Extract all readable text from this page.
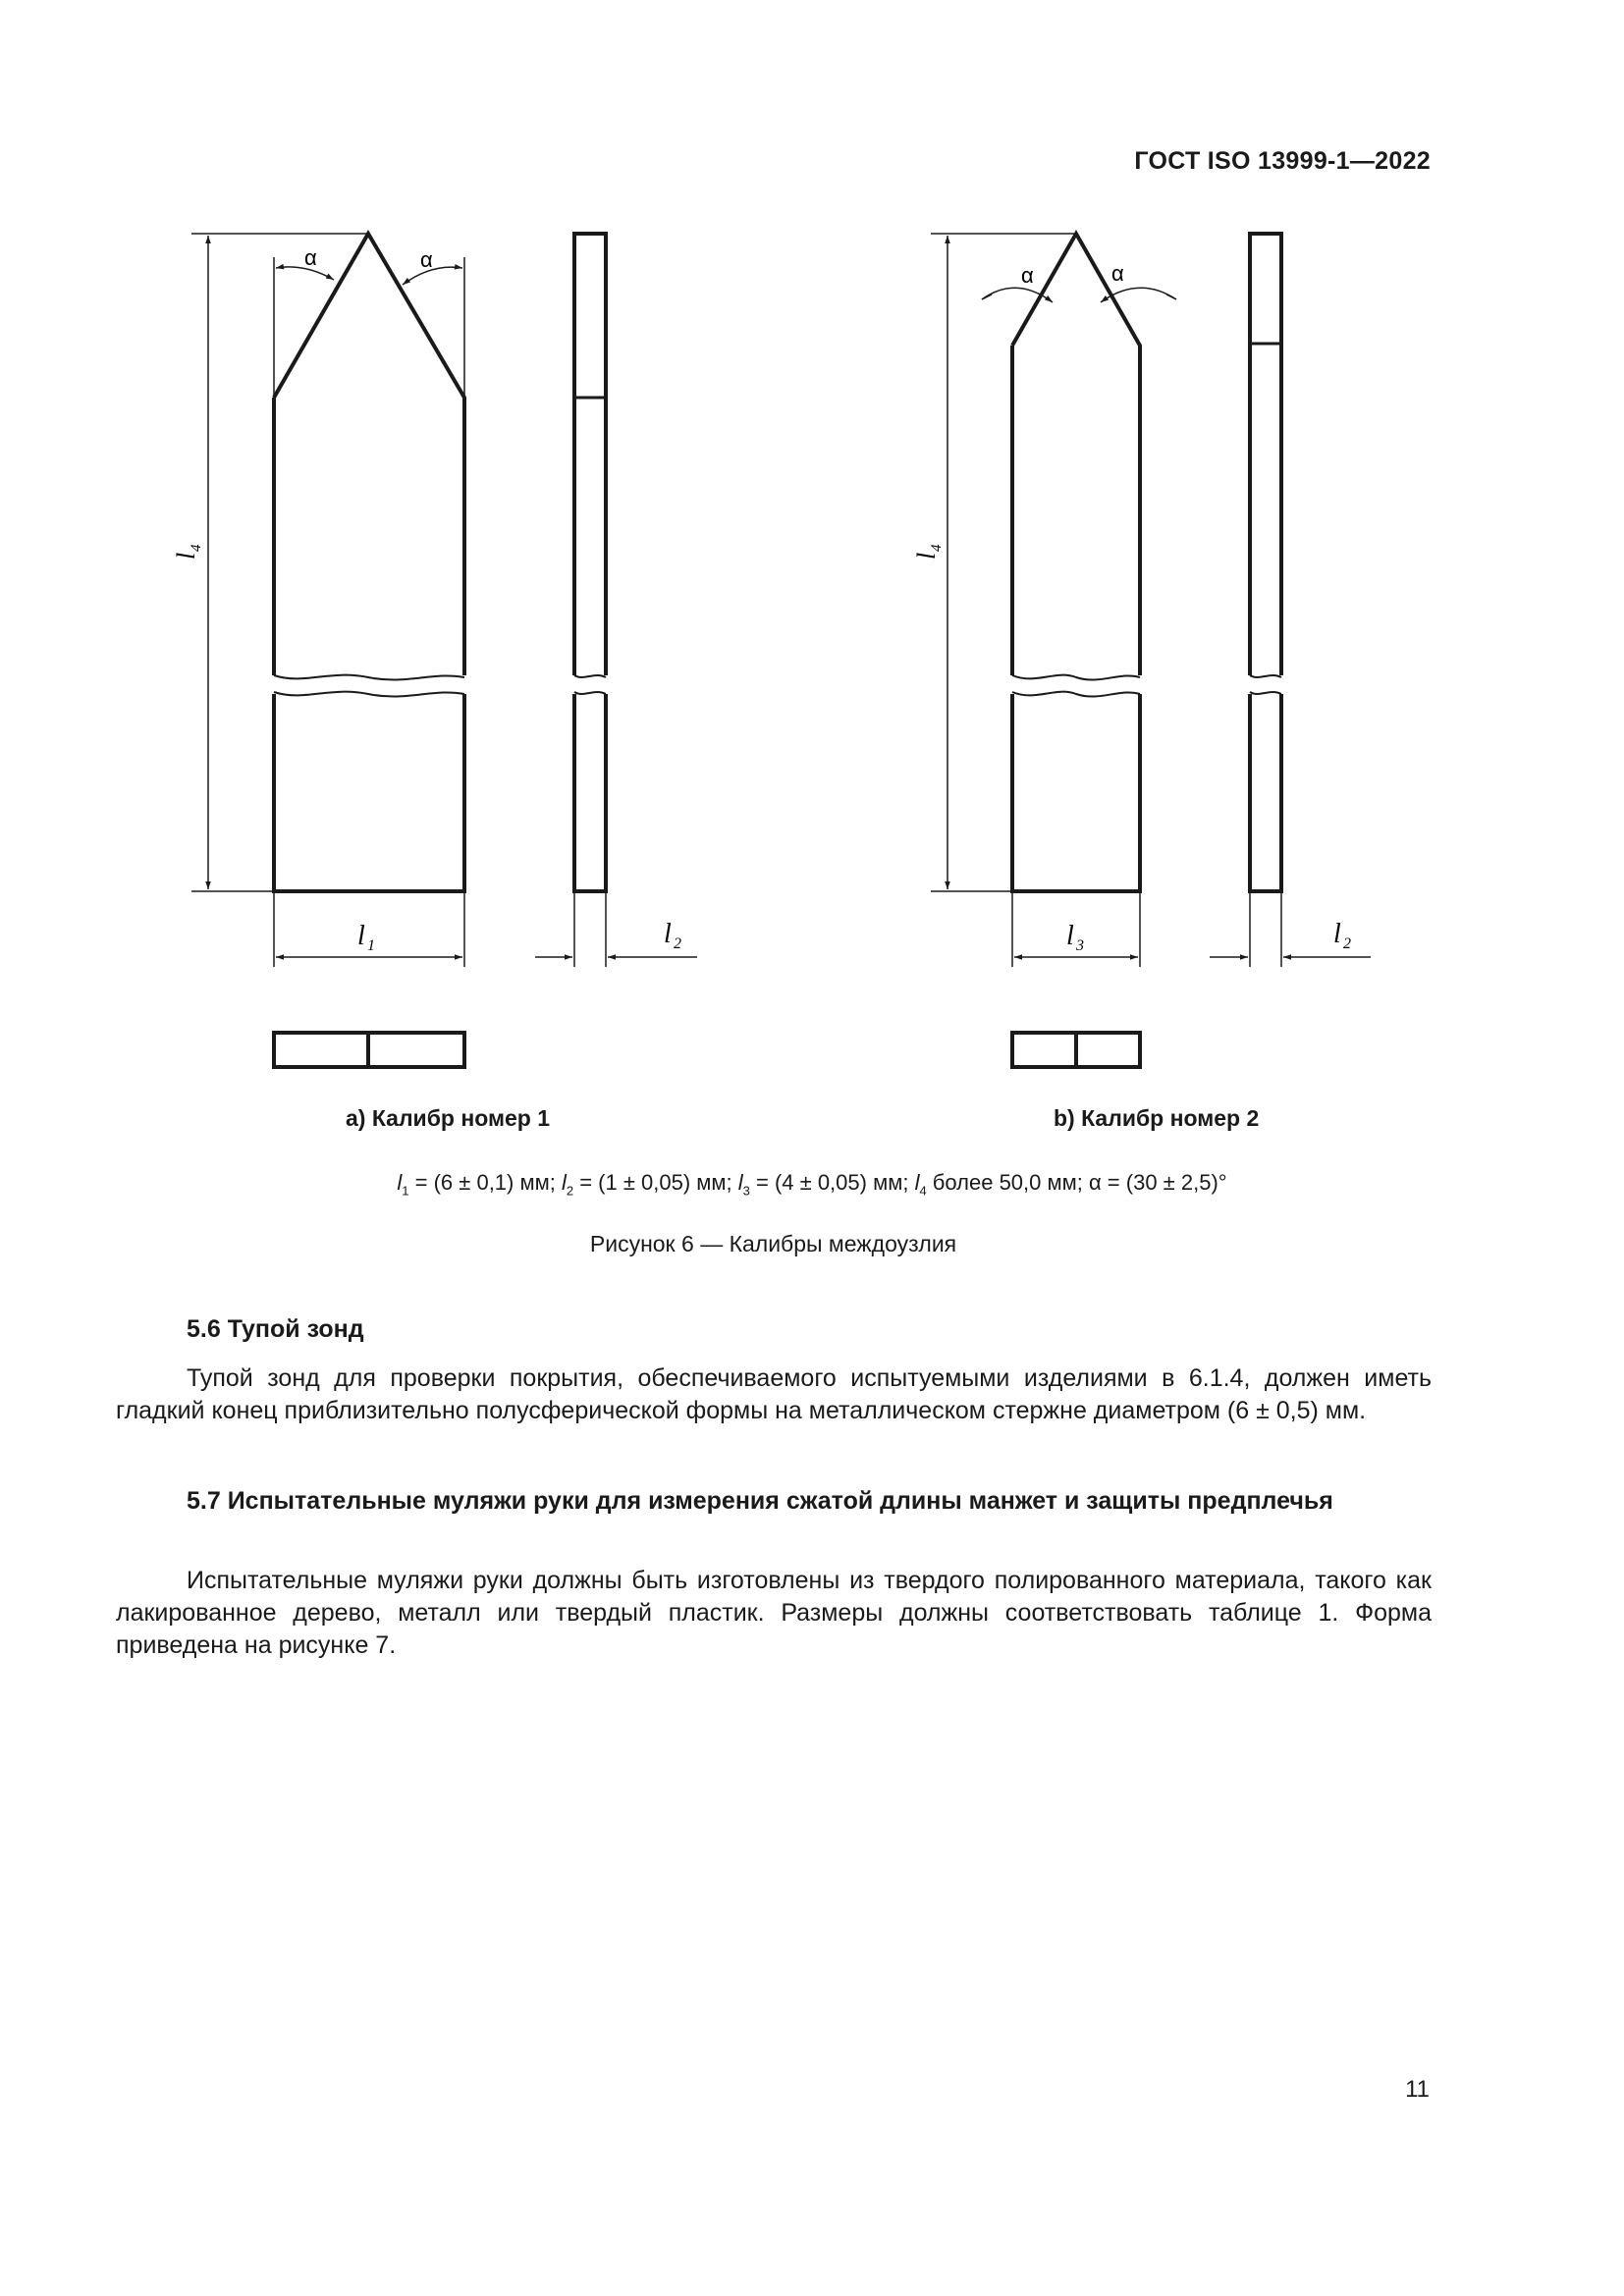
ГОСТ ISO 13999-1—2022
α	α
l
4
l 1	l 2
α	α
l
4
l 3	l 2
a) Калибр номер 1	b) Калибр номер 2
$l_1 = (6 \pm 0,1)$ мм; $l_2 = (1 \pm 0,05)$ мм; $l_3 = (4 \pm 0,05)$ мм; $l_4$ более 50,0 мм; α = (30 ± 2,5)°
Рисунок 6 — Калибры междоузлия
5.6 Тупой зонд

Тупой зонд для проверки покрытия, обеспечиваемого испытуемыми изделиями в 6.1.4, должен иметь гладкий конец приблизительно полусферической формы на металлическом стержне диаметром (6 ± 0,5) мм.

5.7 Испытательные муляжи руки для измерения сжатой длины манжет и защиты предплечья

Испытательные муляжи руки должны быть изготовлены из твердого полированного материала, такого как лакированное дерево, металл или твердый пластик. Размеры должны соответствовать таблице 1. Форма приведена на рисунке 7.

11
